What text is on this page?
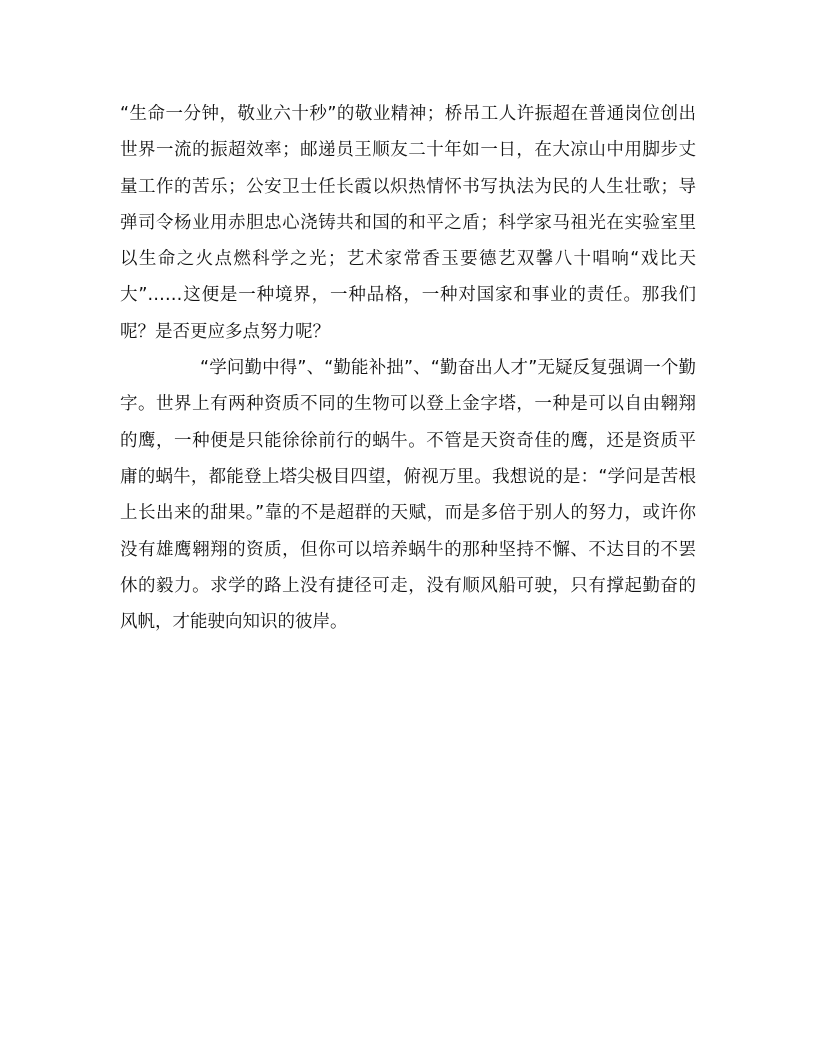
“生命一分钟，敬业六十秒”的敬业精神；桥吊工人许振超在普通岗位创出世界一流的振超效率；邮递员王顺友二十年如一日，在大凉山中用脚步丈量工作的苦乐；公安卫士任长霞以炽热情怀书写执法为民的人生壮歌；导弹司令杨业用赤胆忠心浇铸共和国的和平之盾；科学家马祖光在实验室里以生命之火点燃科学之光；艺术家常香玉要德艺双馨八十唱响“戏比天大”……这便是一种境界，一种品格，一种对国家和事业的责任。那我们呢？是否更应多点努力呢？

“学问勤中得”、“勤能补拙”、“勤奋出人才”无疑反复强调一个勤字。世界上有两种资质不同的生物可以登上金字塔，一种是可以自由翱翔的鹰，一种便是只能徐徐前行的蜗牛。不管是天资奇佳的鹰，还是资质平庸的蜗牛，都能登上塔尖极目四望，俯视万里。我想说的是：“学问是苦根上长出来的甜果。”靠的不是超群的天赋，而是多倍于别人的努力，或许你没有雄鹰翱翔的资质，但你可以培养蜗牛的那种坚持不懈、不达目的不罢休的毅力。求学的路上没有捷径可走，没有顺风船可驶，只有撑起勤奋的风帆，才能驶向知识的彼岸。
